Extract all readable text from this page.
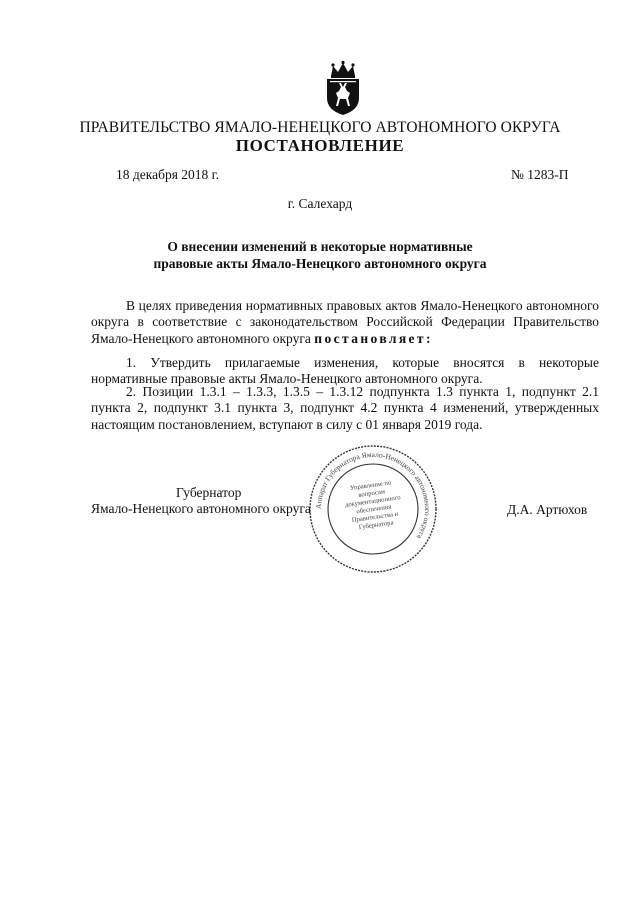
ПРАВИТЕЛЬСТВО ЯМАЛО-НЕНЕЦКОГО АВТОНОМНОГО ОКРУГА
ПОСТАНОВЛЕНИЕ
18 декабря 2018 г.	№ 1283-П
г. Салехард
О внесении изменений в некоторые нормативные
правовые акты Ямало-Ненецкого автономного округа
В целях приведения нормативных правовых актов Ямало-Ненецкого автономного округа в соответствие с законодательством Российской Федерации Правительство Ямало-Ненецкого автономного округа постановляет:
1. Утвердить прилагаемые изменения, которые вносятся в некоторые нормативные правовые акты Ямало-Ненецкого автономного округа.
2. Позиции 1.3.1 – 1.3.3, 1.3.5 – 1.3.12 подпункта 1.3 пункта 1, подпункт 2.1 пункта 2, подпункт 3.1 пункта 3, подпункт 4.2 пункта 4 изменений, утвержденных настоящим постановлением, вступают в силу с 01 января 2019 года.
Аппарат Губернатора Ямало-Ненецкого автономного округа
Управление по вопросам документационного обеспечения Правительства и Губернатора
Губернатор
Ямало-Ненецкого автономного округа	Д.А. Артюхов
